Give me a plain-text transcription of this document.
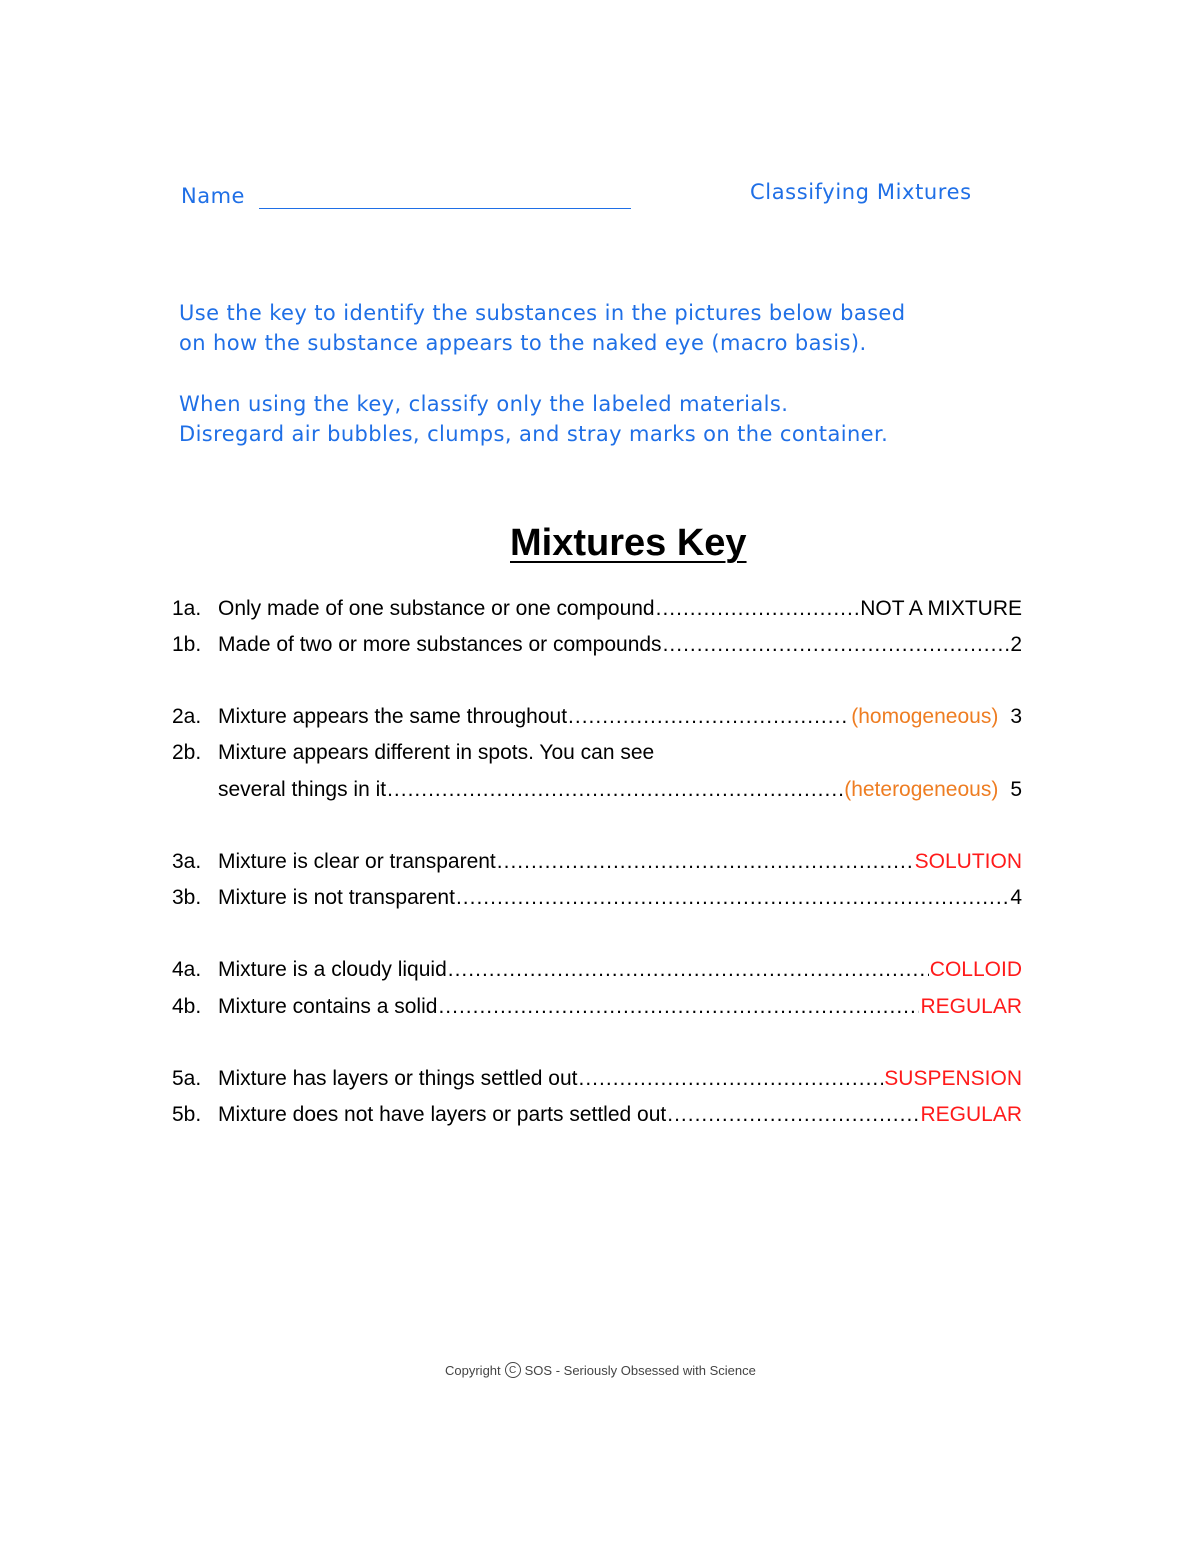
Name	Classifying Mixtures
Use the key to identify the substances in the pictures below based
on how the substance appears to the naked eye (macro basis).
When using the key, classify only the labeled materials.
Disregard air bubbles, clumps, and stray marks on the container.
Mixtures Key
1a. Only made of one substance or one compound .....	NOT A MIXTURE
1b. Made of two or more substances or compounds .....	2
2a. Mixture appears the same throughout .....	(homogeneous) 3
2b. Mixture appears different in spots. You can see
several things in it .....	(heterogeneous) 5
3a. Mixture is clear or transparent .....	SOLUTION
3b. Mixture is not transparent .....	4
4a. Mixture is a cloudy liquid .....	COLLOID
4b. Mixture contains a solid .....	REGULAR
5a. Mixture has layers or things settled out .....	SUSPENSION
5b. Mixture does not have layers or parts settled out .....	REGULAR
Copyright C SOS - Seriously Obsessed with Science
